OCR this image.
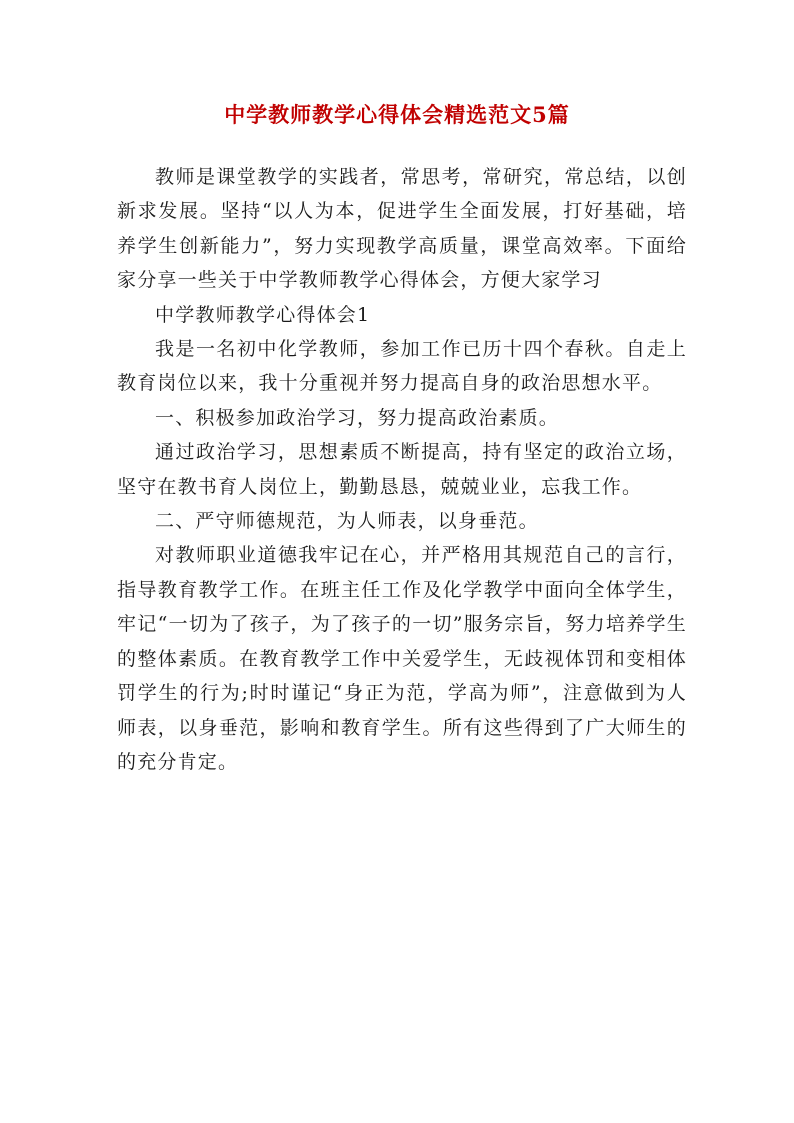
中学教师教学心得体会精选范文5篇

教师是课堂教学的实践者，常思考，常研究，常总结，以创新求发展。坚持“以人为本，促进学生全面发展，打好基础，培养学生创新能力”，努力实现教学高质量，课堂高效率。下面给家分享一些关于中学教师教学心得体会，方便大家学习

中学教师教学心得体会1

我是一名初中化学教师，参加工作已历十四个春秋。自走上教育岗位以来，我十分重视并努力提高自身的政治思想水平。

一、积极参加政治学习，努力提高政治素质。

通过政治学习，思想素质不断提高，持有坚定的政治立场，坚守在教书育人岗位上，勤勤恳恳，兢兢业业，忘我工作。

二、严守师德规范，为人师表，以身垂范。

对教师职业道德我牢记在心，并严格用其规范自己的言行，指导教育教学工作。在班主任工作及化学教学中面向全体学生，牢记“一切为了孩子，为了孩子的一切”服务宗旨，努力培养学生的整体素质。在教育教学工作中关爱学生，无歧视体罚和变相体罚学生的行为;时时谨记“身正为范，学高为师”，注意做到为人师表，以身垂范，影响和教育学生。所有这些得到了广大师生的的充分肯定。
